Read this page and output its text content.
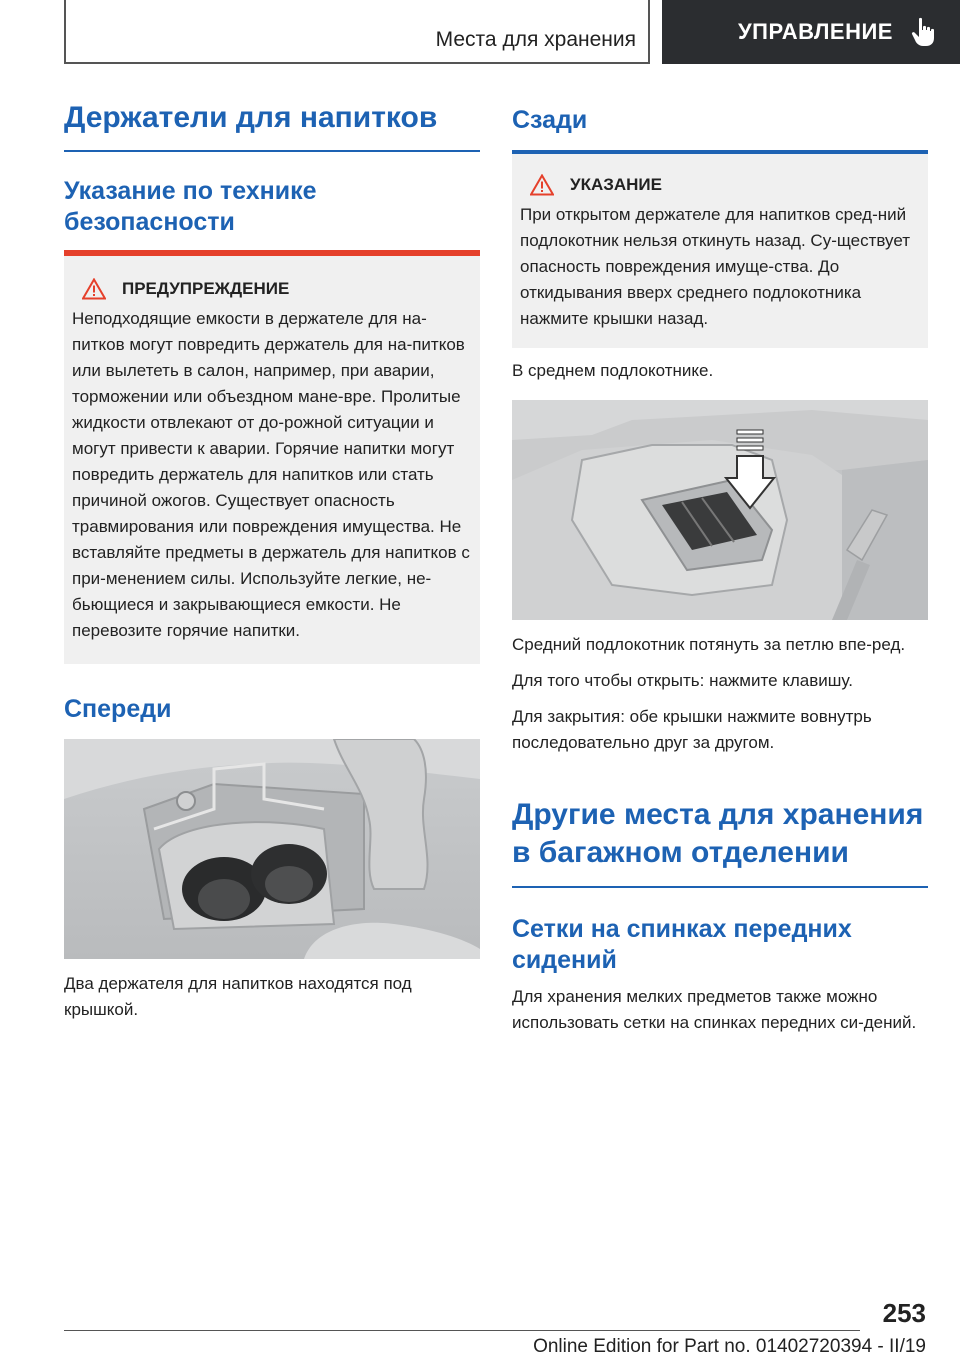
Места для хранения	УПРАВЛЕНИЕ
Держатели для напитков
Указание по технике безопасности
ПРЕДУПРЕЖДЕНИЕ
Неподходящие емкости в держателе для на-питков могут повредить держатель для на-питков или вылететь в салон, например, при аварии, торможении или объездном мане-вре. Пролитые жидкости отвлекают от до-рожной ситуации и могут привести к аварии. Горячие напитки могут повредить держатель для напитков или стать причиной ожогов. Существует опасность травмирования или повреждения имущества. Не вставляйте предметы в держатель для напитков с при-менением силы. Используйте легкие, не-бьющиеся и закрывающиеся емкости. Не перевозите горячие напитки.
Спереди

Два держателя для напитков находятся под крышкой.

Сзади
УКАЗАНИЕ
При открытом держателе для напитков сред-ний подлокотник нельзя откинуть назад. Су-ществует опасность повреждения имуще-ства. До откидывания вверх среднего подлокотника нажмите крышки назад.

В среднем подлокотнике.

Средний подлокотник потянуть за петлю впе-ред.

Для того чтобы открыть: нажмите клавишу.

Для закрытия: обе крышки нажмите вовнутрь последовательно друг за другом.

Другие места для хранения в багажном отделении
Сетки на спинках передних сидений

Для хранения мелких предметов также можно использовать сетки на спинках передних си-дений.

253
Online Edition for Part no. 01402720394 - II/19
